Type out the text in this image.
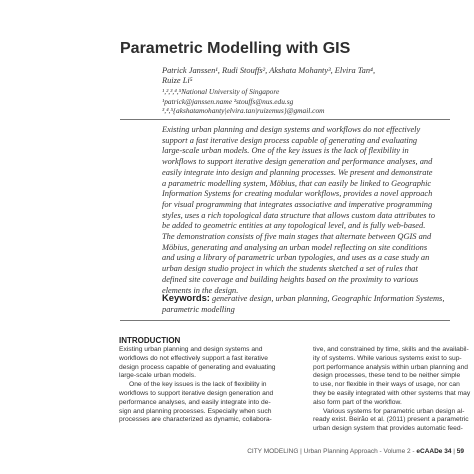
Parametric Modelling with GIS
Patrick Janssen¹, Rudi Stouffs², Akshata Mohanty³, Elvira Tan⁴,
Ruize Li⁵
¹,²,³,⁴,⁵National University of Singapore
¹patrick@janssen.name ²stouffs@nus.edu.sg
³,⁴,⁵{akshatamohanty|elvira.tan|ruizemus}@gmail.com
Existing urban planning and design systems and workflows do not effectively
support a fast iterative design process capable of generating and evaluating
large-scale urban models. One of the key issues is the lack of flexibility in
workflows to support iterative design generation and performance analyses, and
easily integrate into design and planning processes. We present and demonstrate
a parametric modelling system, Möbius, that can easily be linked to Geographic
Information Systems for creating modular workflows, provides a novel approach
for visual programming that integrates associative and imperative programming
styles, uses a rich topological data structure that allows custom data attributes to
be added to geometric entities at any topological level, and is fully web-based.
The demonstration consists of five main stages that alternate between QGIS and
Möbius, generating and analysing an urban model reflecting on site conditions
and using a library of parametric urban typologies, and uses as a case study an
urban design studio project in which the students sketched a set of rules that
defined site coverage and building heights based on the proximity to various
elements in the design.
Keywords: generative design, urban planning, Geographic Information Systems,
parametric modelling
INTRODUCTION
Existing urban planning and design systems and
workflows do not effectively support a fast iterative
design process capable of generating and evaluating
large-scale urban models.
One of the key issues is the lack of flexibility in
workflows to support iterative design generation and
performance analyses, and easily integrate into de-
sign and planning processes. Especially when such
processes are characterized as dynamic, collabora-
tive, and constrained by time, skills and the availabil-
ity of systems. While various systems exist to sup-
port performance analysis within urban planning and
design processes, these tend to be neither simple
to use, nor flexible in their ways of usage, nor can
they be easily integrated with other systems that may
also form part of the workflow.
Various systems for parametric urban design al-
ready exist. Beirão et al. (2011) present a parametric
urban design system that provides automatic feed-
CITY MODELING | Urban Planning Approach - Volume 2 - eCAADe 34 | 59
